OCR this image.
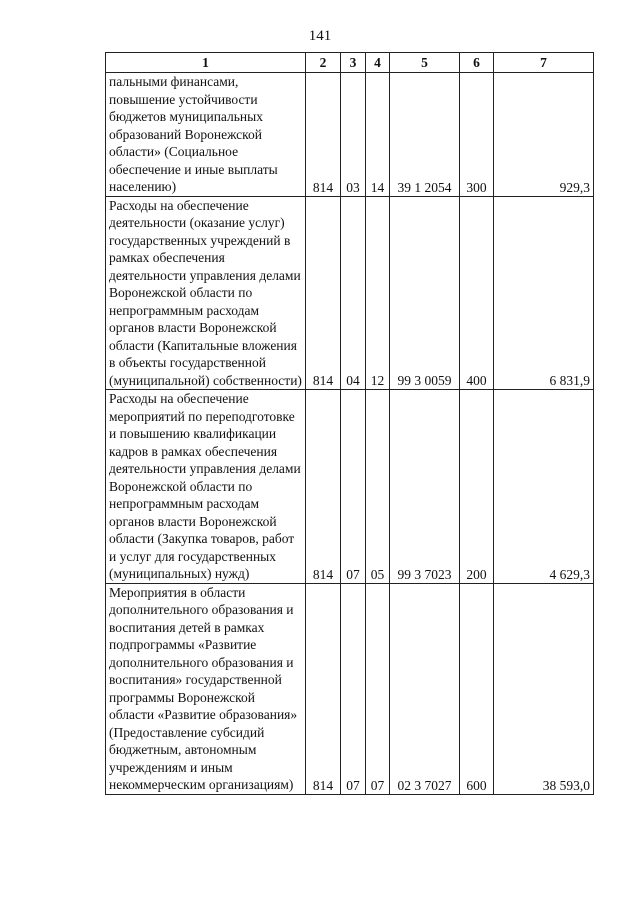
141
1	2	3	4	5	6	7
пальными финансами, повышение устойчивости бюджетов муниципальных образований Воронежской области» (Социальное обеспечение и иные выплаты населению)	814	03	14	39 1 2054	300	929,3
Расходы на обеспечение деятельности (оказание услуг) государственных учреждений в рамках обеспечения деятельности управления делами Воронежской области по непрограммным расходам органов власти Воронежской области (Капитальные вложения в объекты государственной (муниципальной) собственности)	814	04	12	99 3 0059	400	6 831,9
Расходы на обеспечение мероприятий по переподготовке и повышению квалификации кадров в рамках обеспечения деятельности управления делами Воронежской области по непрограммным расходам органов власти Воронежской области (Закупка товаров, работ и услуг для государственных (муниципальных) нужд)	814	07	05	99 3 7023	200	4 629,3
Мероприятия в области дополнительного образования и воспитания детей в рамках подпрограммы «Развитие дополнительного образования и воспитания» государственной программы Воронежской области «Развитие образования» (Предоставление субсидий бюджетным, автономным учреждениям и иным некоммерческим организациям)	814	07	07	02 3 7027	600	38 593,0
